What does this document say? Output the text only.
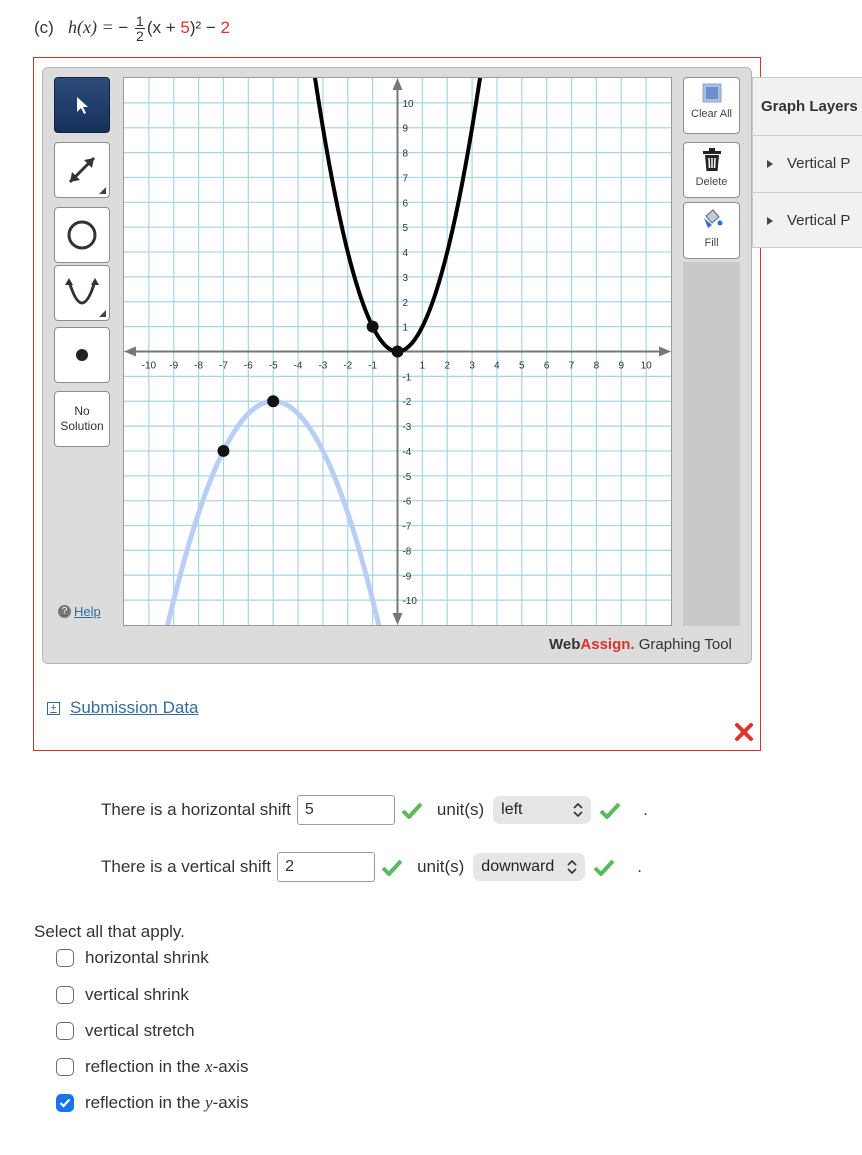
(c) h(x) = − $\frac{1}{2} (x + 5)^2 - 2$
No
Solution
? Help
-10 -9 -8 -7 -6 -5 -4 -3 -2 -1	1 2 3 4 5 6 7 8 9 10
10
9
8
7
6
5
4
3
2
1
-1
-2
-3
-4
-5
-6
-7
-8
-9
-10
Clear All
Delete
Fill
WebAssign. Graphing Tool
Graph Layers
Vertical P
Vertical P
+ Submission Data
There is a horizontal shift 5	unit(s) left	.
There is a vertical shift 2	unit(s) downward	.
Select all that apply.
horizontal shrink
vertical shrink
vertical stretch
reflection in the x-axis
reflection in the y-axis
